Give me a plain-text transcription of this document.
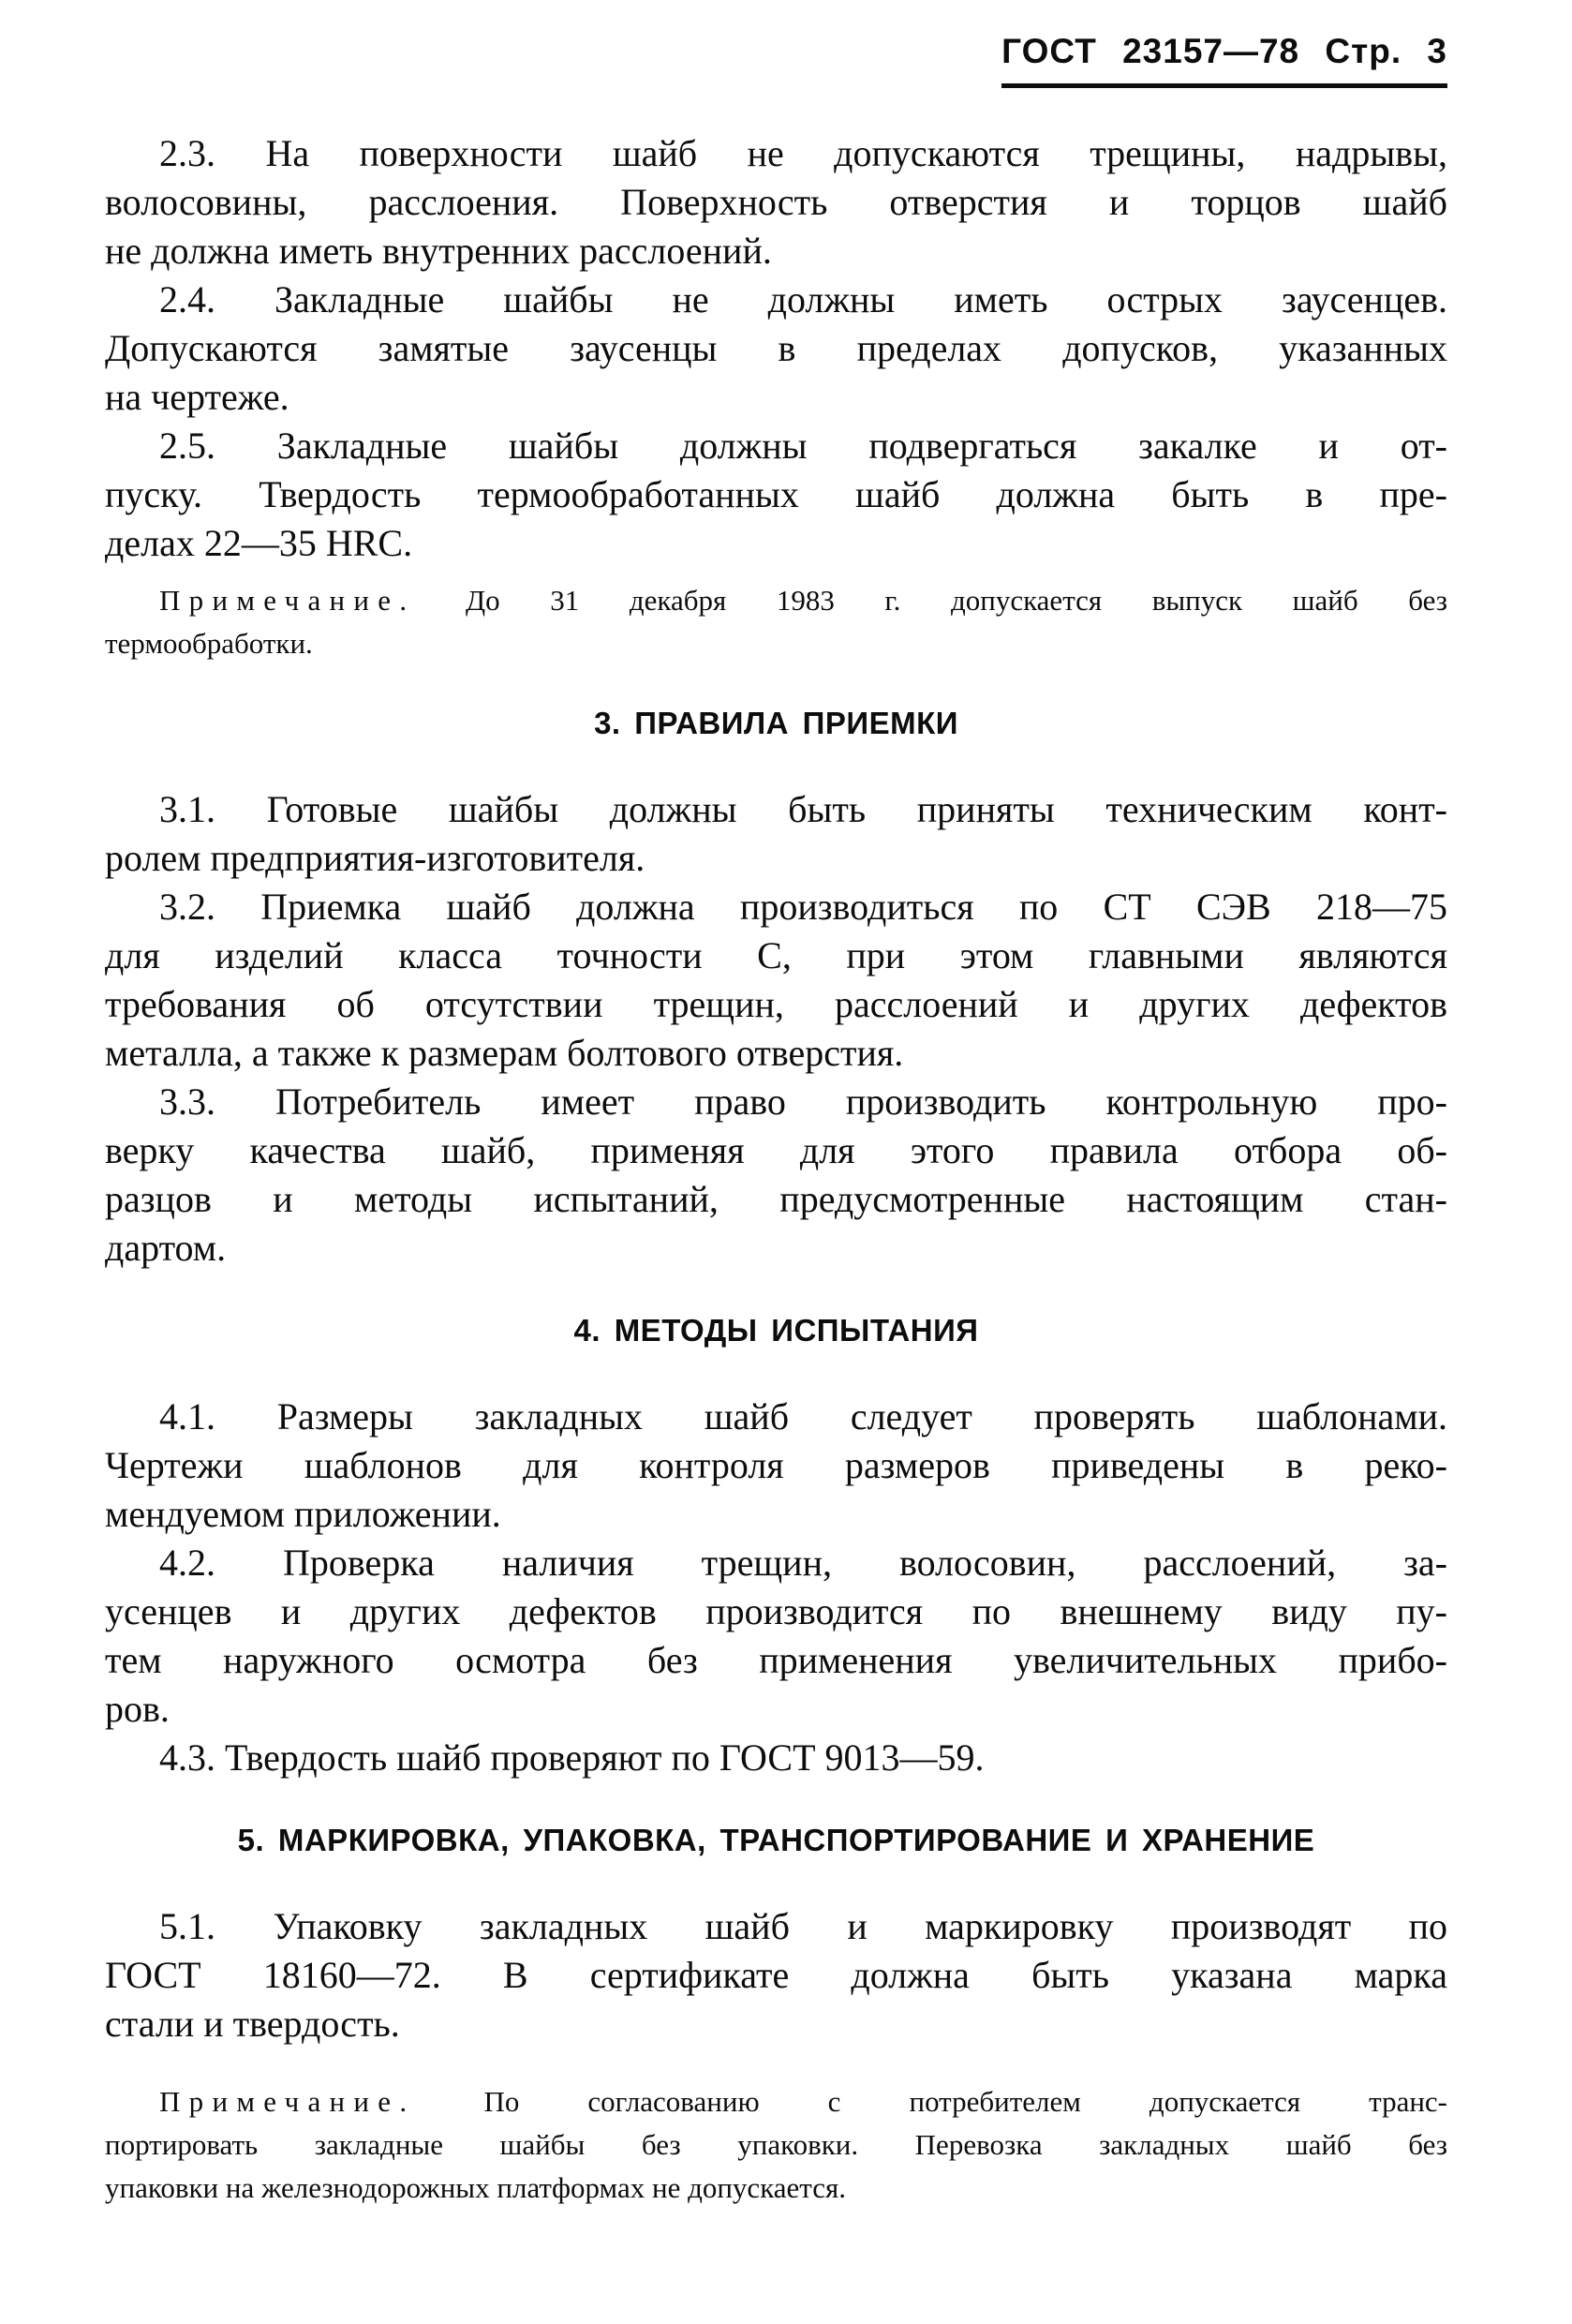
ГОСТ 23157—78 Стр. 3
2.3. На поверхности шайб не допускаются трещины, надрывы,
волосовины, расслоения. Поверхность отверстия и торцов шайб
не должна иметь внутренних расслоений.
2.4. Закладные шайбы не должны иметь острых заусенцев.
Допускаются замятые заусенцы в пределах допусков, указанных
на чертеже.
2.5. Закладные шайбы должны подвергаться закалке и от-
пуску. Твердость термообработанных шайб должна быть в пре-
делах 22—35 HRC.
Примечание. До 31 декабря 1983 г. допускается выпуск шайб без
термообработки.
3. ПРАВИЛА ПРИЕМКИ
3.1. Готовые шайбы должны быть приняты техническим конт-
ролем предприятия-изготовителя.
3.2. Приемка шайб должна производиться по СТ СЭВ 218—75
для изделий класса точности С, при этом главными являются
требования об отсутствии трещин, расслоений и других дефектов
металла, а также к размерам болтового отверстия.
3.3. Потребитель имеет право производить контрольную про-
верку качества шайб, применяя для этого правила отбора об-
разцов и методы испытаний, предусмотренные настоящим стан-
дартом.
4. МЕТОДЫ ИСПЫТАНИЯ
4.1. Размеры закладных шайб следует проверять шаблонами.
Чертежи шаблонов для контроля размеров приведены в реко-
мендуемом приложении.
4.2. Проверка наличия трещин, волосовин, расслоений, за-
усенцев и других дефектов производится по внешнему виду пу-
тем наружного осмотра без применения увеличительных прибо-
ров.
4.3. Твердость шайб проверяют по ГОСТ 9013—59.
5. МАРКИРОВКА, УПАКОВКА, ТРАНСПОРТИРОВАНИЕ И ХРАНЕНИЕ
5.1. Упаковку закладных шайб и маркировку производят по
ГОСТ 18160—72. В сертификате должна быть указана марка
стали и твердость.
Примечание. По согласованию с потребителем допускается транс-
портировать закладные шайбы без упаковки. Перевозка закладных шайб без
упаковки на железнодорожных платформах не допускается.
